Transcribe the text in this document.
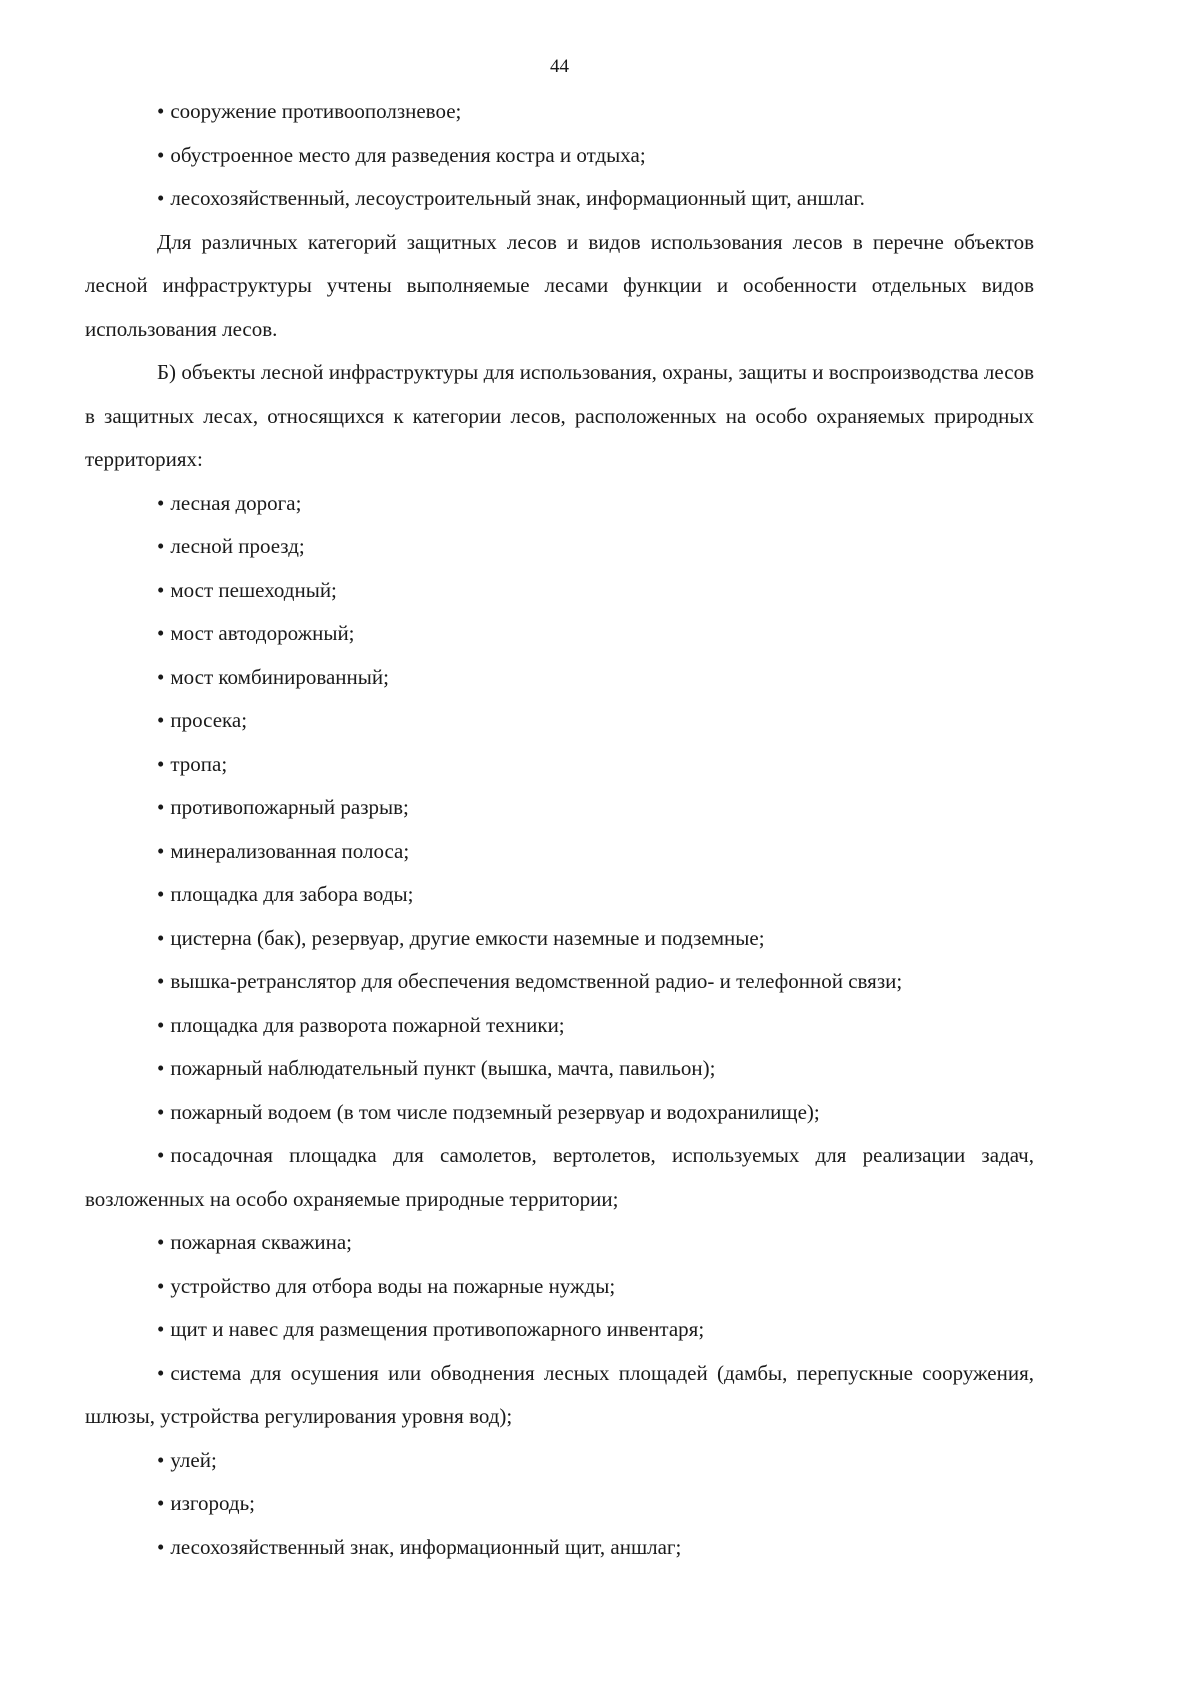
44
• сооружение противооползневое;
• обустроенное место для разведения костра и отдыха;
• лесохозяйственный, лесоустроительный знак, информационный щит, аншлаг.
Для различных категорий защитных лесов и видов использования лесов в перечне объектов лесной инфраструктуры учтены выполняемые лесами функции и особенности отдельных видов использования лесов.
Б) объекты лесной инфраструктуры для использования, охраны, защиты и воспроизводства лесов в защитных лесах, относящихся к категории лесов, расположенных на особо охраняемых природных территориях:
• лесная дорога;
• лесной проезд;
• мост пешеходный;
• мост автодорожный;
• мост комбинированный;
• просека;
• тропа;
• противопожарный разрыв;
• минерализованная полоса;
• площадка для забора воды;
• цистерна (бак), резервуар, другие емкости наземные и подземные;
• вышка-ретранслятор для обеспечения ведомственной радио- и телефонной связи;
• площадка для разворота пожарной техники;
• пожарный наблюдательный пункт (вышка, мачта, павильон);
• пожарный водоем (в том числе подземный резервуар и водохранилище);
• посадочная площадка для самолетов, вертолетов, используемых для реализации задач, возложенных на особо охраняемые природные территории;
• пожарная скважина;
• устройство для отбора воды на пожарные нужды;
• щит и навес для размещения противопожарного инвентаря;
• система для осушения или обводнения лесных площадей (дамбы, перепускные сооружения, шлюзы, устройства регулирования уровня вод);
• улей;
• изгородь;
• лесохозяйственный знак, информационный щит, аншлаг;
